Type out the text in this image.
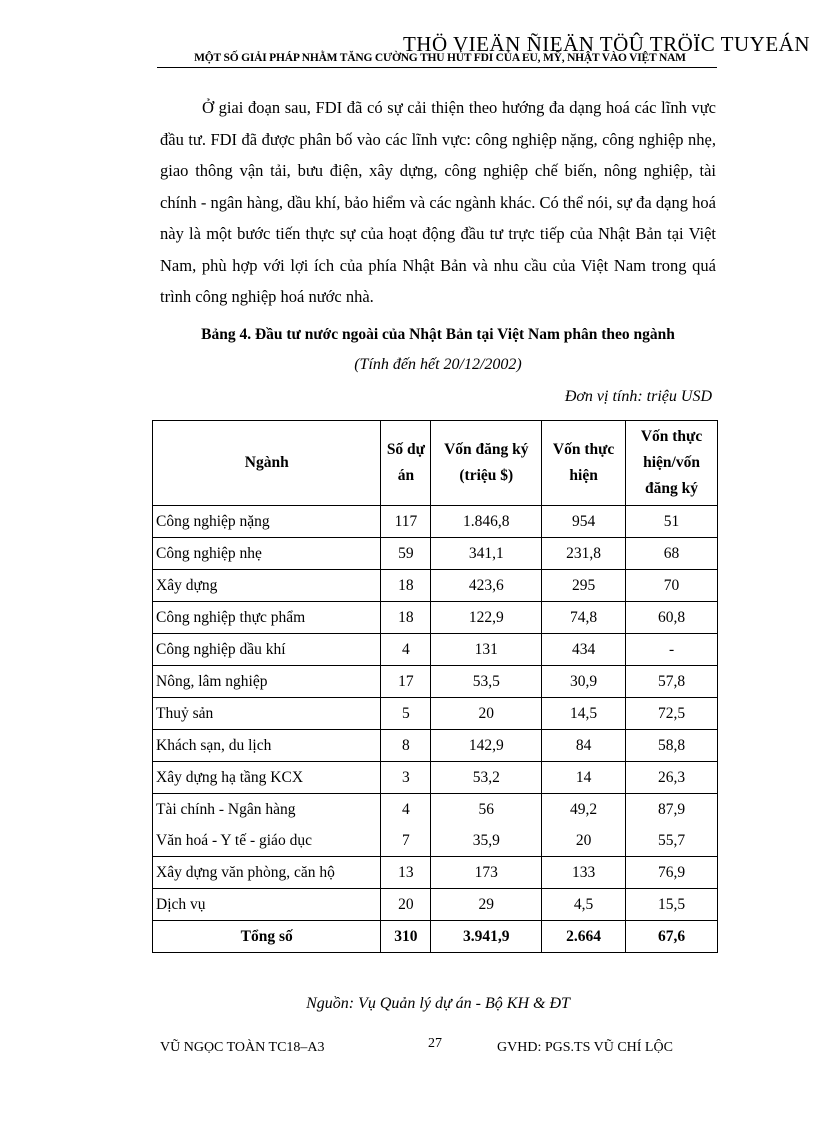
THÖ VIEÄN ÑIEÄN TÖÛ TRÖÏC TUYEÁN
MỘT SỐ GIẢI PHÁP NHẰM TĂNG CƯỜNG THU HÚT FDI CỦA EU, MỸ, NHẬT VÀO VIỆT NAM

Ở giai đoạn sau, FDI đã có sự cải thiện theo hướng đa dạng hoá các lĩnh vực đầu tư. FDI đã được phân bố vào các lĩnh vực: công nghiệp nặng, công nghiệp nhẹ, giao thông vận tải, bưu điện, xây dựng, công nghiệp chế biến, nông nghiệp, tài chính - ngân hàng, dầu khí, bảo hiểm và các ngành khác. Có thể nói, sự đa dạng hoá này là một bước tiến thực sự của hoạt động đầu tư trực tiếp của Nhật Bản tại Việt Nam, phù hợp với lợi ích của phía Nhật Bản và nhu cầu của Việt Nam trong quá trình công nghiệp hoá nước nhà.

Bảng 4. Đầu tư nước ngoài của Nhật Bản tại Việt Nam phân theo ngành
(Tính đến hết 20/12/2002)
Đơn vị tính: triệu USD
Ngành	Số dự án	Vốn đăng ký (triệu $)	Vốn thực hiện	Vốn thực hiện/vốn đăng ký
Công nghiệp nặng	117	1.846,8	954	51
Công nghiệp nhẹ	59	341,1	231,8	68
Xây dựng	18	423,6	295	70
Công nghiệp thực phẩm	18	122,9	74,8	60,8
Công nghiệp dầu khí	4	131	434	-
Nông, lâm nghiệp	17	53,5	30,9	57,8
Thuỷ sản	5	20	14,5	72,5
Khách sạn, du lịch	8	142,9	84	58,8
Xây dựng hạ tầng KCX	3	53,2	14	26,3
Tài chính - Ngân hàng	4	56	49,2	87,9
Văn hoá - Y tế - giáo dục	7	35,9	20	55,7
Xây dựng văn phòng, căn hộ	13	173	133	76,9
Dịch vụ	20	29	4,5	15,5
Tổng số	310	3.941,9	2.664	67,6
Nguồn: Vụ Quản lý dự án - Bộ KH & ĐT
VŨ NGỌC TOÀN TC18–A3	27	GVHD: PGS.TS VŨ CHÍ LỘC
